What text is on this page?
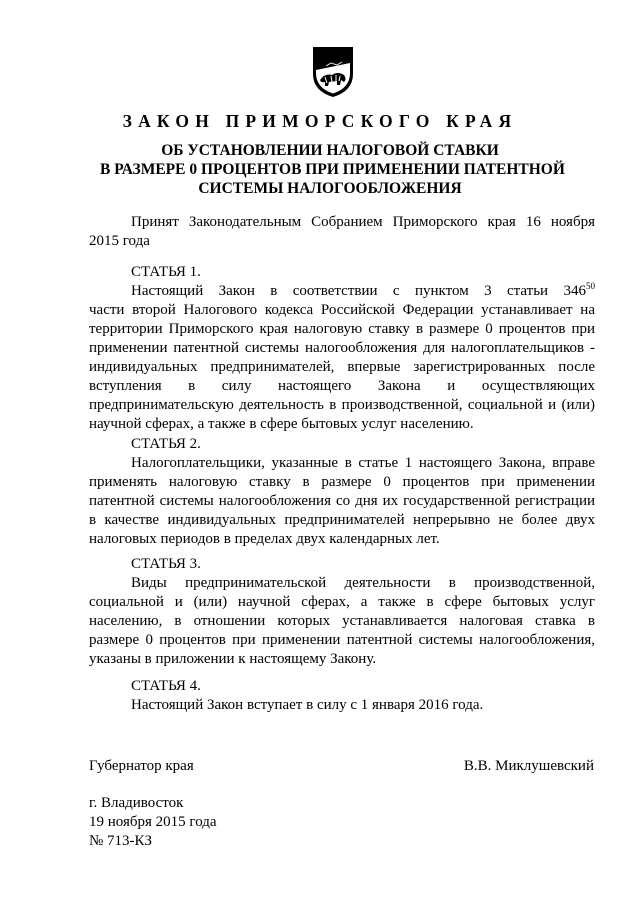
ЗАКОН ПРИМОРСКОГО КРАЯ
ОБ УСТАНОВЛЕНИИ НАЛОГОВОЙ СТАВКИ
В РАЗМЕРЕ 0 ПРОЦЕНТОВ ПРИ ПРИМЕНЕНИИ ПАТЕНТНОЙ
СИСТЕМЫ НАЛОГООБЛОЖЕНИЯ
Принят Законодательным Собранием Приморского края 16 ноября
2015 года
СТАТЬЯ 1.
Настоящий Закон в соответствии с пунктом 3 статьи $346^{50}$
части второй Налогового кодекса Российской Федерации устанавливает на
территории Приморского края налоговую ставку в размере 0 процентов при
применении патентной системы налогообложения для налогоплательщиков -
индивидуальных предпринимателей, впервые зарегистрированных после
вступления в силу настоящего Закона и осуществляющих
предпринимательскую деятельность в производственной, социальной и (или)
научной сферах, а также в сфере бытовых услуг населению.
СТАТЬЯ 2.
Налогоплательщики, указанные в статье 1 настоящего Закона, вправе
применять налоговую ставку в размере 0 процентов при применении
патентной системы налогообложения со дня их государственной регистрации
в качестве индивидуальных предпринимателей непрерывно не более двух
налоговых периодов в пределах двух календарных лет.
СТАТЬЯ 3.
Виды предпринимательской деятельности в производственной,
социальной и (или) научной сферах, а также в сфере бытовых услуг
населению, в отношении которых устанавливается налоговая ставка в
размере 0 процентов при применении патентной системы налогообложения,
указаны в приложении к настоящему Закону.
СТАТЬЯ 4.
Настоящий Закон вступает в силу с 1 января 2016 года.
Губернатор края	В.В. Миклушевский
г. Владивосток
19 ноября 2015 года
№ 713-КЗ
